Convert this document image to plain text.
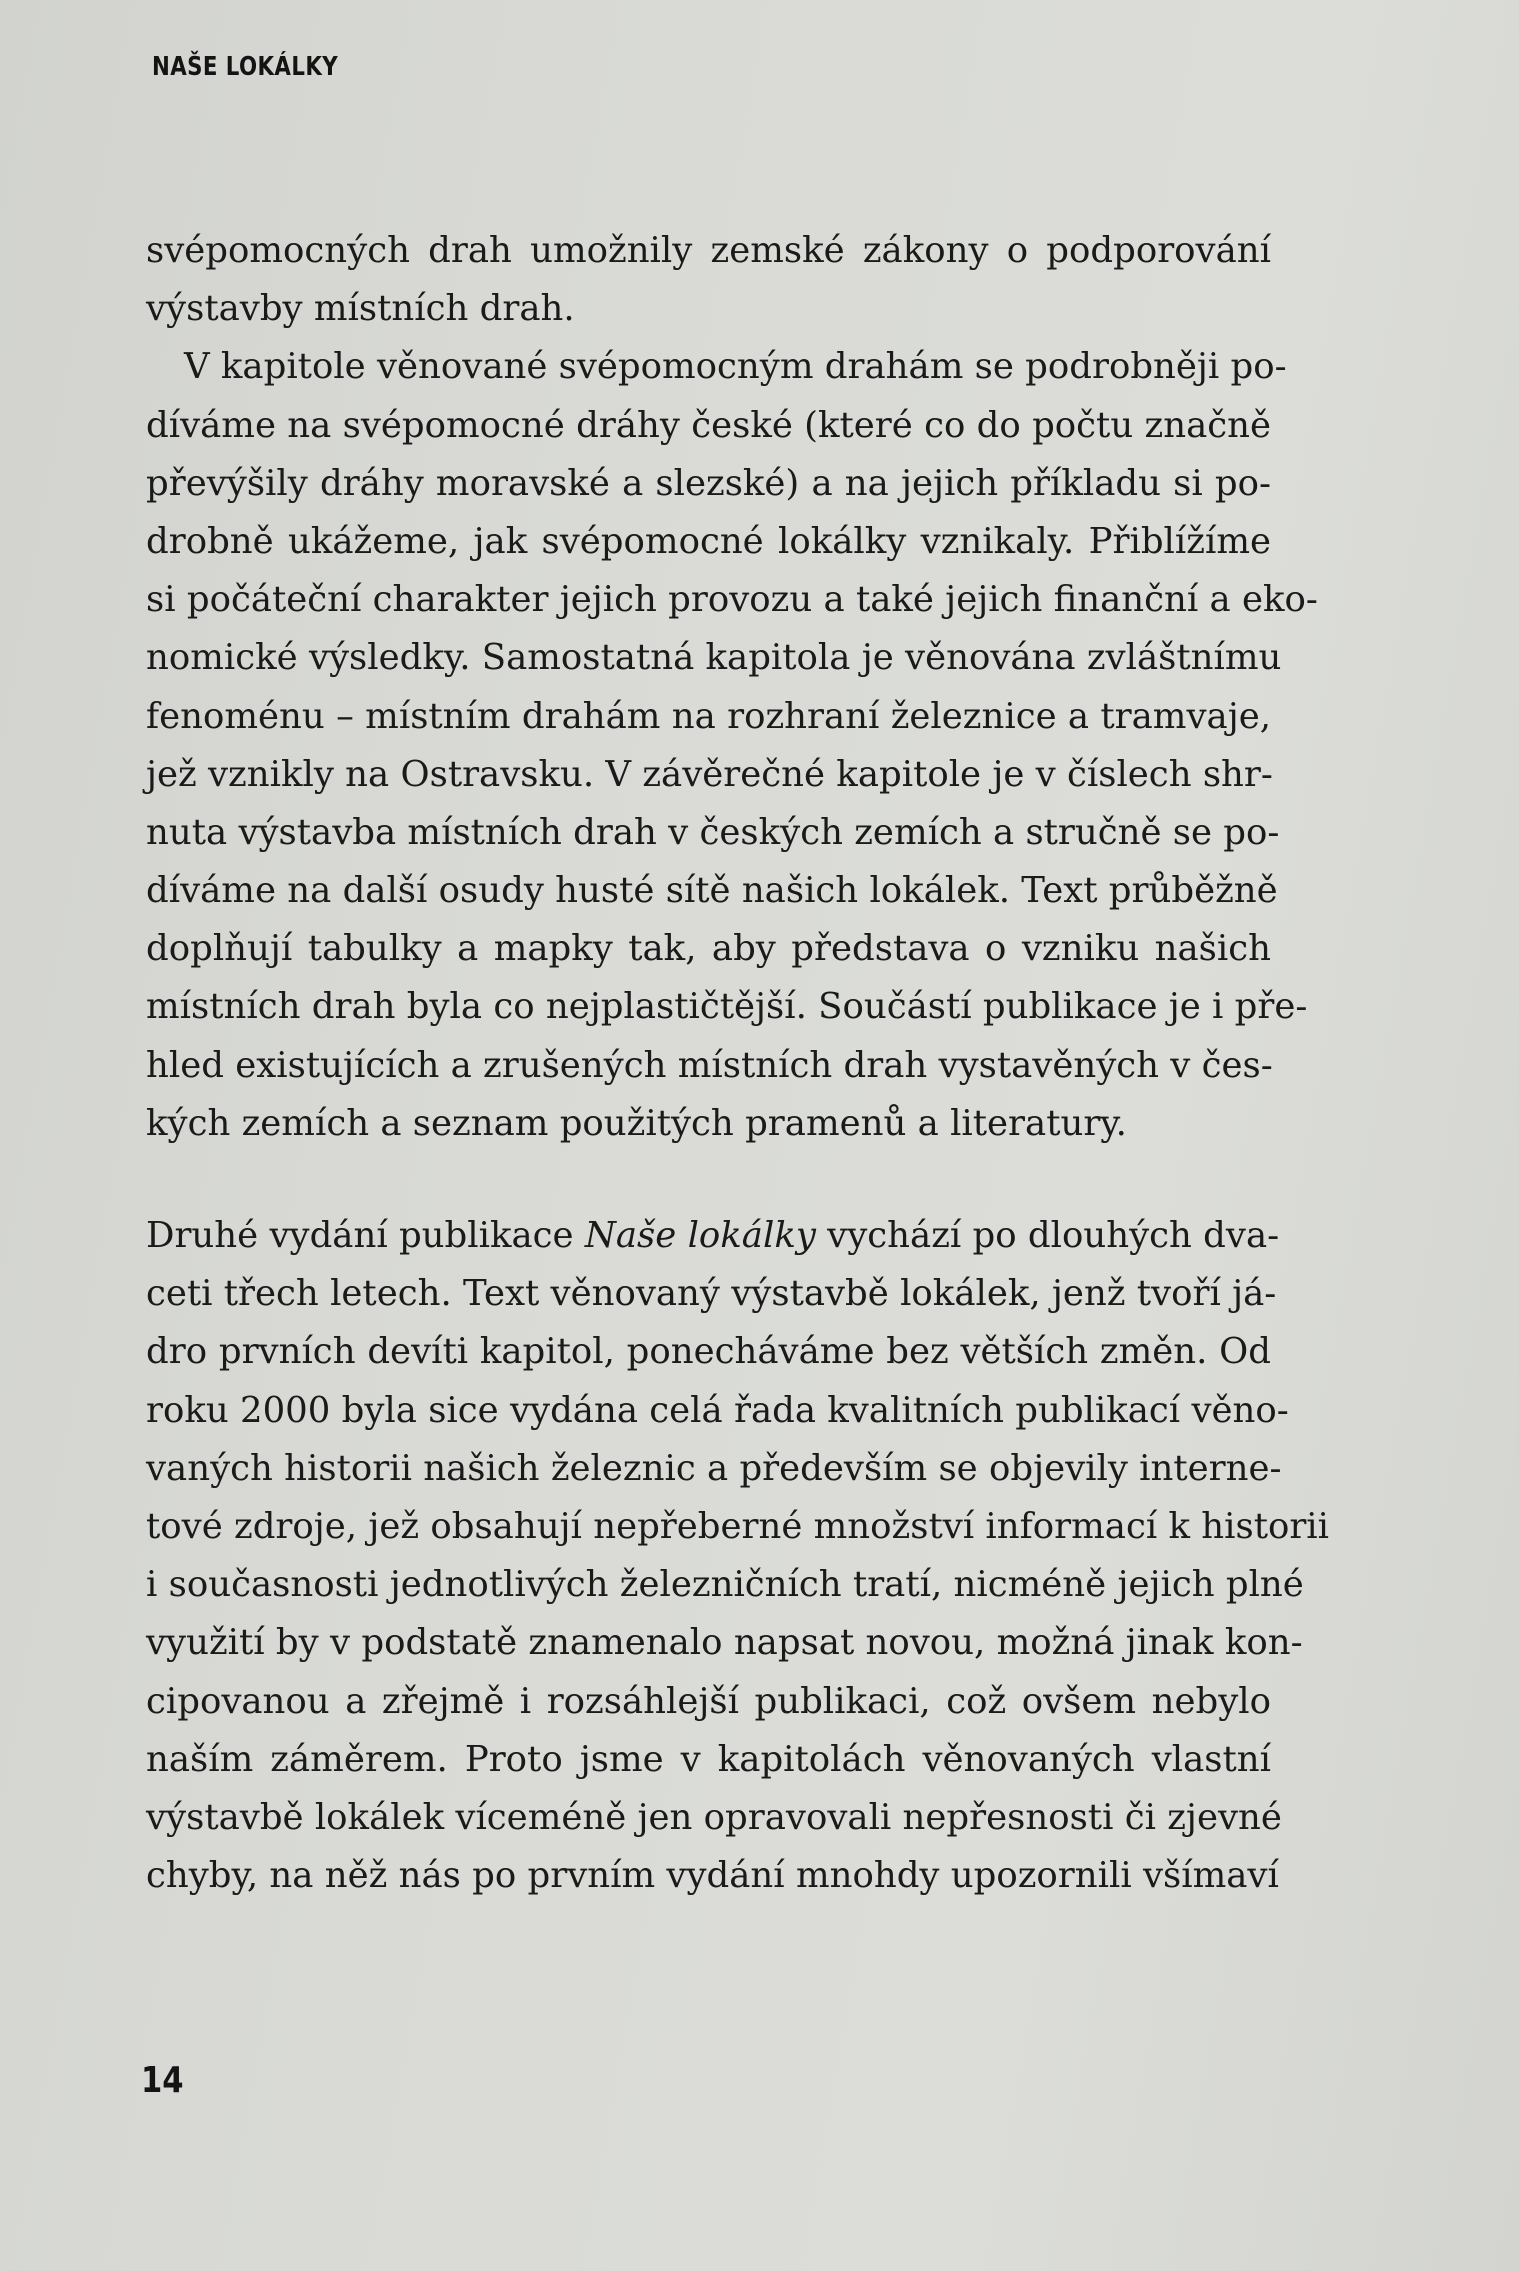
NAŠE LOKÁLKY
svépomocných drah umožnily zemské zákony o podporování
výstavby místních drah.
V kapitole věnované svépomocným drahám se podrobněji po-
díváme na svépomocné dráhy české (které co do počtu značně
převýšily dráhy moravské a slezské) a na jejich příkladu si po-
drobně ukážeme, jak svépomocné lokálky vznikaly. Přiblížíme
si počáteční charakter jejich provozu a také jejich finanční a eko-
nomické výsledky. Samostatná kapitola je věnována zvláštnímu
fenoménu – místním drahám na rozhraní železnice a tramvaje,
jež vznikly na Ostravsku. V závěrečné kapitole je v číslech shr-
nuta výstavba místních drah v českých zemích a stručně se po-
díváme na další osudy husté sítě našich lokálek. Text průběžně
doplňují tabulky a mapky tak, aby představa o vzniku našich
místních drah byla co nejplastičtější. Součástí publikace je i pře-
hled existujících a zrušených místních drah vystavěných v čes-
kých zemích a seznam použitých pramenů a literatury.
Druhé vydání publikace Naše lokálky vychází po dlouhých dva-
ceti třech letech. Text věnovaný výstavbě lokálek, jenž tvoří já-
dro prvních devíti kapitol, ponecháváme bez větších změn. Od
roku 2000 byla sice vydána celá řada kvalitních publikací věno-
vaných historii našich železnic a především se objevily interne-
tové zdroje, jež obsahují nepřeberné množství informací k historii
i současnosti jednotlivých železničních tratí, nicméně jejich plné
využití by v podstatě znamenalo napsat novou, možná jinak kon-
cipovanou a zřejmě i rozsáhlejší publikaci, což ovšem nebylo
naším záměrem. Proto jsme v kapitolách věnovaných vlastní
výstavbě lokálek víceméně jen opravovali nepřesnosti či zjevné
chyby, na něž nás po prvním vydání mnohdy upozornili všímaví
14
